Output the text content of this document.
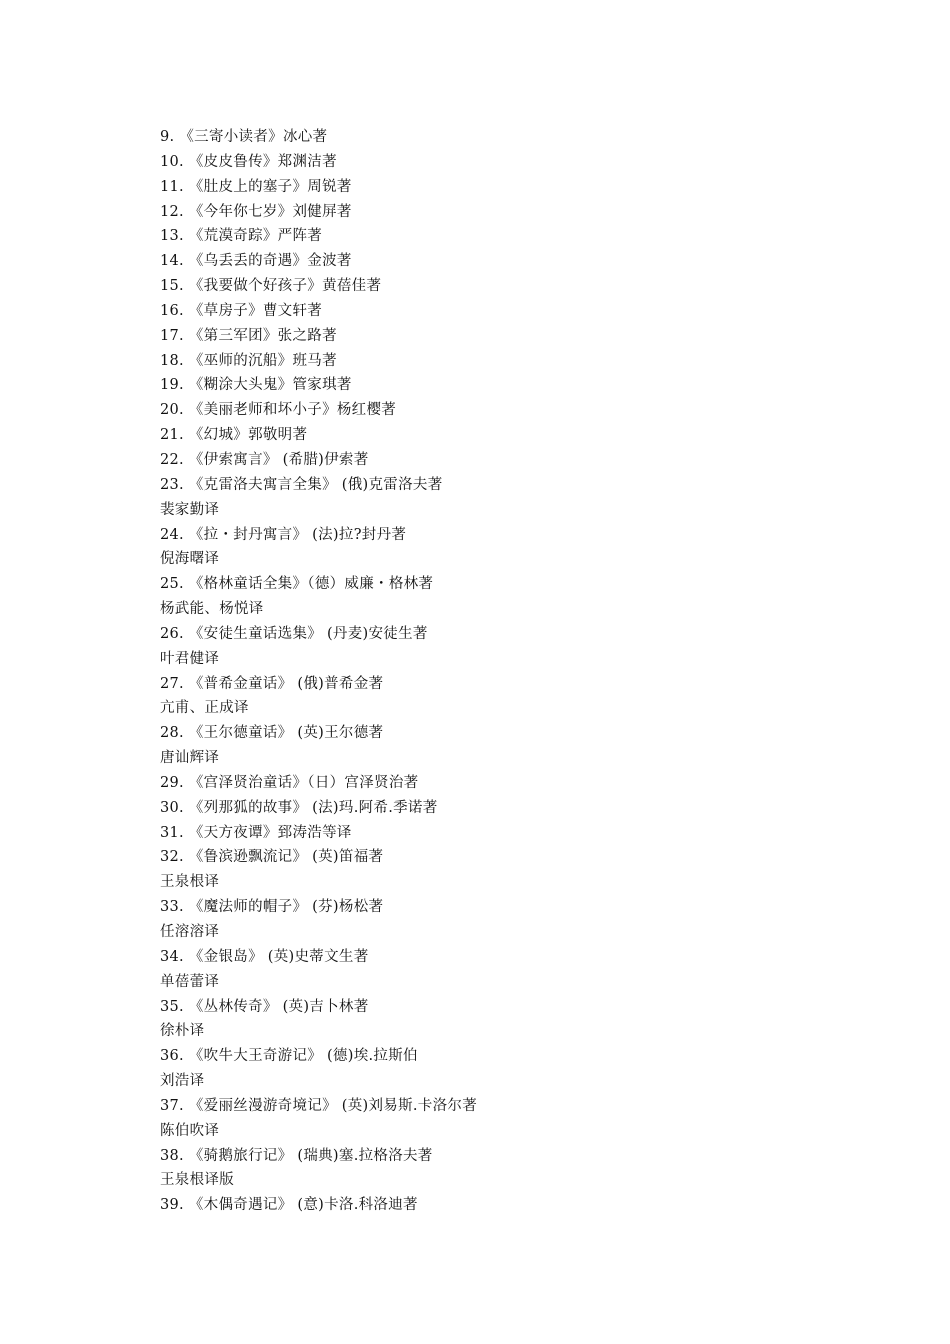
9. 《三寄小读者》冰心著
10. 《皮皮鲁传》郑渊洁著
11. 《肚皮上的塞子》周锐著
12. 《今年你七岁》刘健屏著
13. 《荒漠奇踪》严阵著
14. 《乌丢丢的奇遇》金波著
15. 《我要做个好孩子》黄蓓佳著
16. 《草房子》曹文轩著
17. 《第三军团》张之路著
18. 《巫师的沉船》班马著
19. 《糊涂大头鬼》管家琪著
20. 《美丽老师和坏小子》杨红樱著
21. 《幻城》郭敬明著
22. 《伊索寓言》 (希腊)伊索著
23. 《克雷洛夫寓言全集》 (俄)克雷洛夫著
裴家勤译
24. 《拉・封丹寓言》 (法)拉?封丹著
倪海曙译
25. 《格林童话全集》（德）威廉・格林著
杨武能、杨悦译
26. 《安徒生童话选集》 (丹麦)安徒生著
叶君健译
27. 《普希金童话》 (俄)普希金著
亢甫、正成译
28. 《王尔德童话》 (英)王尔德著
唐讪辉译
29. 《宫泽贤治童话》（日）宫泽贤治著
30. 《列那狐的故事》 (法)玛.阿希.季诺著
31. 《天方夜谭》郅涛浩等译
32. 《鲁滨逊飘流记》 (英)笛福著
王泉根译
33. 《魔法师的帽子》 (芬)杨松著
任溶溶译
34. 《金银岛》 (英)史蒂文生著
单蓓蕾译
35. 《丛林传奇》 (英)吉卜林著
徐朴译
36. 《吹牛大王奇游记》 (德)埃.拉斯伯
刘浩译
37. 《爱丽丝漫游奇境记》 (英)刘易斯.卡洛尔著
陈伯吹译
38. 《骑鹅旅行记》 (瑞典)塞.拉格洛夫著
王泉根译版
39. 《木偶奇遇记》 (意)卡洛.科洛迪著
